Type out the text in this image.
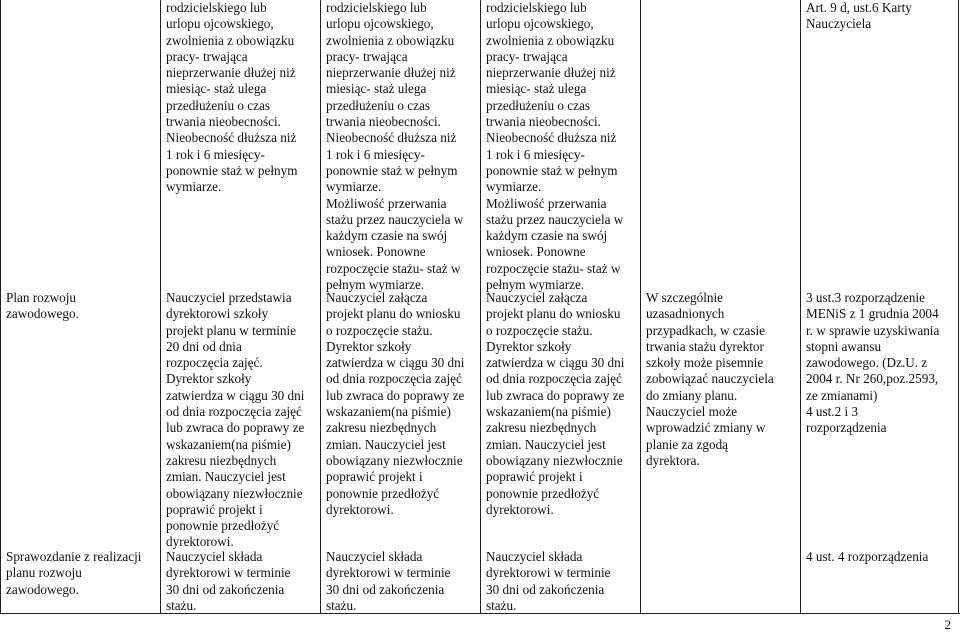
Plan rozwoju
zawodowego.
Sprawozdanie z realizacji
planu rozwoju
zawodowego.
rodzicielskiego lub
urlopu ojcowskiego,
zwolnienia z obowiązku
pracy- trwająca
nieprzerwanie dłużej niż
miesiąc- staż ulega
przedłużeniu o czas
trwania nieobecności.
Nieobecność dłuższa niż
1 rok i 6 miesięcy-
ponownie staż w pełnym
wymiarze.
Nauczyciel przedstawia
dyrektorowi szkoły
projekt planu w terminie
20 dni od dnia
rozpoczęcia zajęć.
Dyrektor szkoły
zatwierdza w ciągu 30 dni
od dnia rozpoczęcia zajęć
lub zwraca do poprawy ze
wskazaniem(na piśmie)
zakresu niezbędnych
zmian. Nauczyciel jest
obowiązany niezwłocznie
poprawić projekt i
ponownie przedłożyć
dyrektorowi.
Nauczyciel składa
dyrektorowi w terminie
30 dni od zakończenia
stażu.
rodzicielskiego lub
urlopu ojcowskiego,
zwolnienia z obowiązku
pracy- trwająca
nieprzerwanie dłużej niż
miesiąc- staż ulega
przedłużeniu o czas
trwania nieobecności.
Nieobecność dłuższa niż
1 rok i 6 miesięcy-
ponownie staż w pełnym
wymiarze.
Możliwość przerwania
stażu przez nauczyciela w
każdym czasie na swój
wniosek. Ponowne
rozpoczęcie stażu- staż w
pełnym wymiarze.
Nauczyciel załącza
projekt planu do wniosku
o rozpoczęcie stażu.
Dyrektor szkoły
zatwierdza w ciągu 30 dni
od dnia rozpoczęcia zajęć
lub zwraca do poprawy ze
wskazaniem(na piśmie)
zakresu niezbędnych
zmian. Nauczyciel jest
obowiązany niezwłocznie
poprawić projekt i
ponownie przedłożyć
dyrektorowi.
Nauczyciel składa
dyrektorowi w terminie
30 dni od zakończenia
stażu.
rodzicielskiego lub
urlopu ojcowskiego,
zwolnienia z obowiązku
pracy- trwająca
nieprzerwanie dłużej niż
miesiąc- staż ulega
przedłużeniu o czas
trwania nieobecności.
Nieobecność dłuższa niż
1 rok i 6 miesięcy-
ponownie staż w pełnym
wymiarze.
Możliwość przerwania
stażu przez nauczyciela w
każdym czasie na swój
wniosek. Ponowne
rozpoczęcie stażu- staż w
pełnym wymiarze.
Nauczyciel załącza
projekt planu do wniosku
o rozpoczęcie stażu.
Dyrektor szkoły
zatwierdza w ciągu 30 dni
od dnia rozpoczęcia zajęć
lub zwraca do poprawy ze
wskazaniem(na piśmie)
zakresu niezbędnych
zmian. Nauczyciel jest
obowiązany niezwłocznie
poprawić projekt i
ponownie przedłożyć
dyrektorowi.
Nauczyciel składa
dyrektorowi w terminie
30 dni od zakończenia
stażu.
W szczególnie
uzasadnionych
przypadkach, w czasie
trwania stażu dyrektor
szkoły może pisemnie
zobowiązać nauczyciela
do zmiany planu.
Nauczyciel może
wprowadzić zmiany w
planie za zgodą
dyrektora.
Art. 9 d, ust.6 Karty
Nauczyciela
3 ust.3 rozporządzenie
MENiS z 1 grudnia 2004
r. w sprawie uzyskiwania
stopni awansu
zawodowego. (Dz.U. z
2004 r. Nr 260,poz.2593,
ze zmianami)
4 ust.2 i 3
rozporządzenia
4 ust. 4 rozporządzenia
2
